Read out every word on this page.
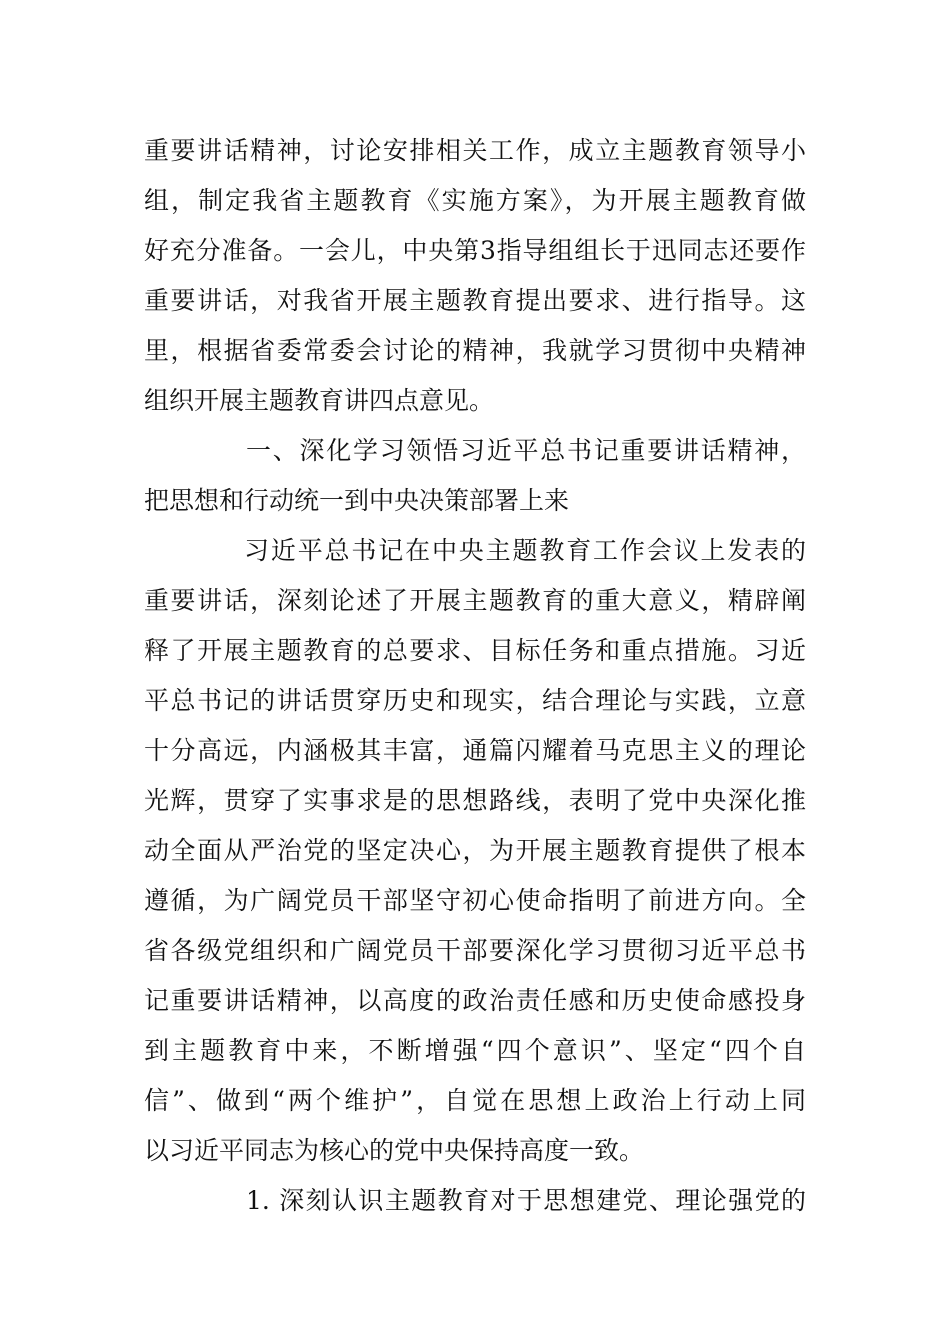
重要讲话精神，讨论安排相关工作，成立主题教育领导小
组，制定我省主题教育《实施方案》，为开展主题教育做
好充分准备。一会儿，中央第3指导组组长于迅同志还要作
重要讲话，对我省开展主题教育提出要求、进行指导。这
里，根据省委常委会讨论的精神，我就学习贯彻中央精神
组织开展主题教育讲四点意见。
一、深化学习领悟习近平总书记重要讲话精神，
把思想和行动统一到中央决策部署上来
习近平总书记在中央主题教育工作会议上发表的
重要讲话，深刻论述了开展主题教育的重大意义，精辟阐
释了开展主题教育的总要求、目标任务和重点措施。习近
平总书记的讲话贯穿历史和现实，结合理论与实践，立意
十分高远，内涵极其丰富，通篇闪耀着马克思主义的理论
光辉，贯穿了实事求是的思想路线，表明了党中央深化推
动全面从严治党的坚定决心，为开展主题教育提供了根本
遵循，为广阔党员干部坚守初心使命指明了前进方向。全
省各级党组织和广阔党员干部要深化学习贯彻习近平总书
记重要讲话精神，以高度的政治责任感和历史使命感投身
到主题教育中来，不断增强“四个意识”、坚定“四个自
信”、做到“两个维护”，自觉在思想上政治上行动上同
以习近平同志为核心的党中央保持高度一致。
1. 深刻认识主题教育对于思想建党、理论强党的
